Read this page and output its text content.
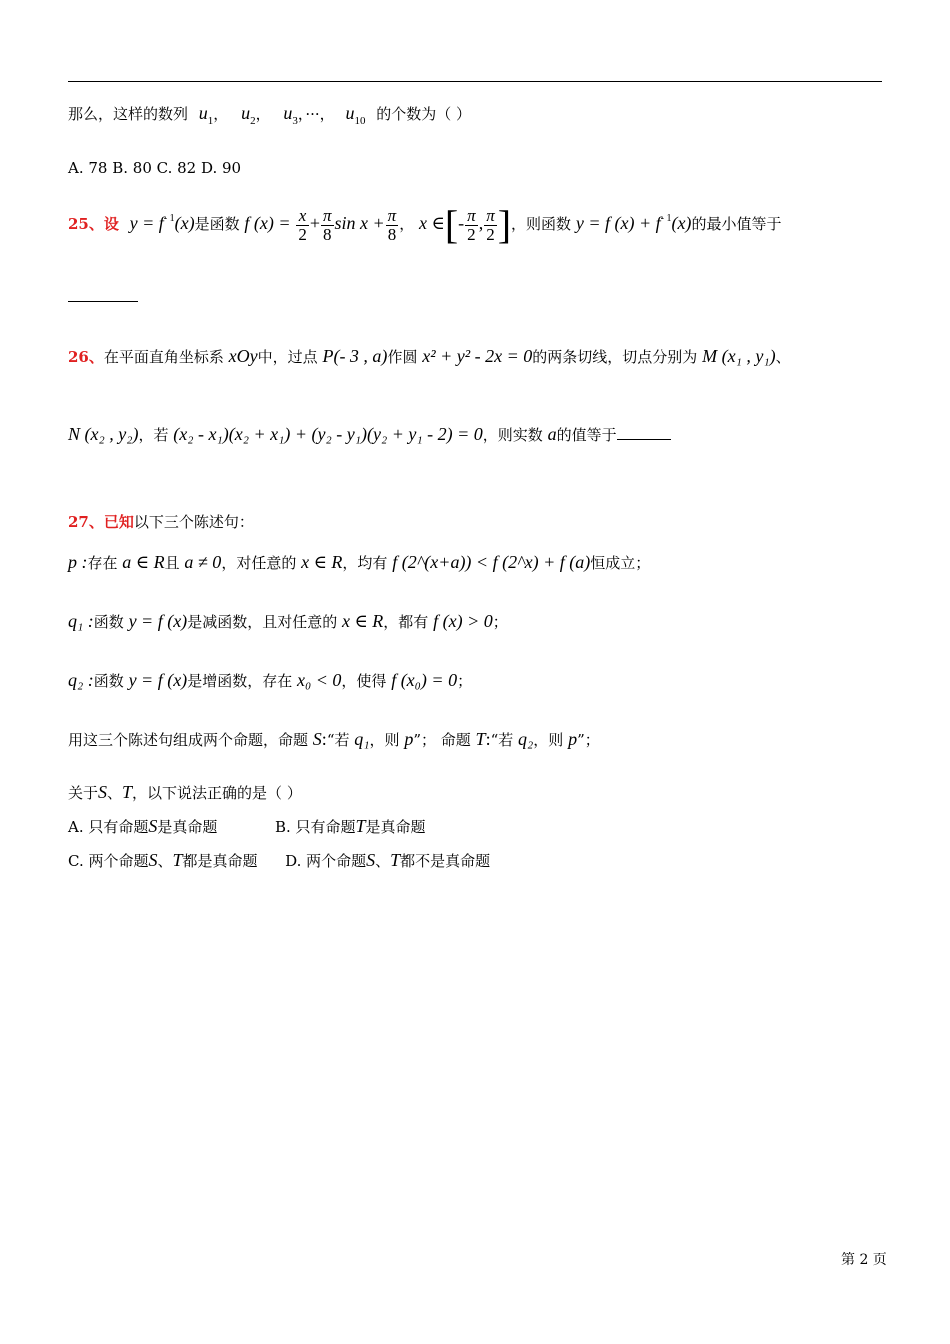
那么，这样的数列 $u_1$， $u_2$， $u_3$，···， $u_{10}$ 的个数为（ ）
A. 78 B. 80 C. 82 D. 90
25、设 $y = f^{- 1}(x)$是函数 f $(x) = \frac{x}{2} + \frac{\pi}{8}$ $\sin x + \frac{\pi}{8}$ ， x ∈[- $\frac{\pi}{2}$ , $\frac{\pi}{2}$ ]，则函数 y = f $(x) + f^{- 1}(x)$的最小值等于
26、在平面直角坐标系 xOy中，过点 P(- 3 , a)作圆 x² + y² - 2x = 0的两条切线，切点分别为 M (x₁ , y₁)、
N (x₂ , y₂)，若 (x₂ - x₁)(x₂ + x₁) + (y₂ - y₁)(y₂ + y₁ - 2) = 0，则实数 a的值等于
27、已知以下三个陈述句：
p :存在 a ∈ R且 a ≠ 0，对任意的 x ∈ R，均有 f (2^(x+a)) < f (2^x) + f (a)恒成立；
q₁ :函数 y = f (x)是减函数，且对任意的 x ∈ R，都有 f (x) > 0；
q₂ :函数 y = f (x)是增函数，存在 x₀ < 0，使得 f (x₀) = 0；
用这三个陈述句组成两个命题，命题 S:“若 q₁，则 p”； 命题 T:“若 q₂，则 p”；
关于S、T，以下说法正确的是（ ）
A. 只有命题S是真命题	B. 只有命题T是真命题
C. 两个命题S、T都是真命题 D. 两个命题S、T都不是真命题
第 2 页
